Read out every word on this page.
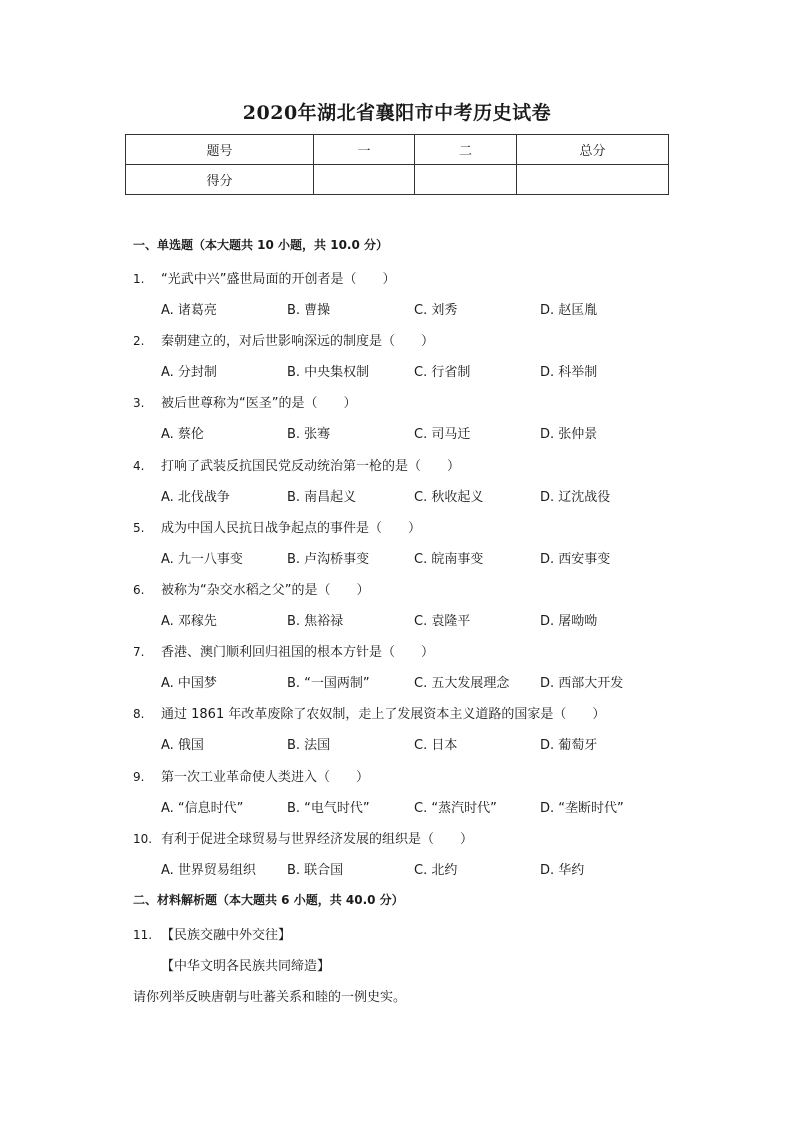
2020年湖北省襄阳市中考历史试卷
题号	一	二	总分
得分			
一、单选题（本大题共 10 小题，共 10.0 分）
1. “光武中兴”盛世局面的开创者是（　　）
A. 诸葛亮	B. 曹操	C. 刘秀	D. 赵匡胤
2. 秦朝建立的，对后世影响深远的制度是（　　）
A. 分封制	B. 中央集权制	C. 行省制	D. 科举制
3. 被后世尊称为“医圣”的是（　　）
A. 蔡伦	B. 张骞	C. 司马迁	D. 张仲景
4. 打响了武装反抗国民党反动统治第一枪的是（　　）
A. 北伐战争	B. 南昌起义	C. 秋收起义	D. 辽沈战役
5. 成为中国人民抗日战争起点的事件是（　　）
A. 九一八事变	B. 卢沟桥事变	C. 皖南事变	D. 西安事变
6. 被称为“杂交水稻之父”的是（　　）
A. 邓稼先	B. 焦裕禄	C. 袁隆平	D. 屠呦呦
7. 香港、澳门顺利回归祖国的根本方针是（　　）
A. 中国梦	B. “一国两制”	C. 五大发展理念 D. 西部大开发
8. 通过 1861 年改革废除了农奴制，走上了发展资本主义道路的国家是（　　）
A. 俄国	B. 法国	C. 日本	D. 葡萄牙
9. 第一次工业革命使人类进入（　　）
A. “信息时代”	B. “电气时代”	C. “蒸汽时代”	D. “垄断时代”
10. 有利于促进全球贸易与世界经济发展的组织是（　　）
A. 世界贸易组织 B. 联合国	C. 北约	D. 华约
二、材料解析题（本大题共 6 小题，共 40.0 分）
11. 【民族交融中外交往】
【中华文明各民族共同缔造】
请你列举反映唐朝与吐蕃关系和睦的一例史实。
